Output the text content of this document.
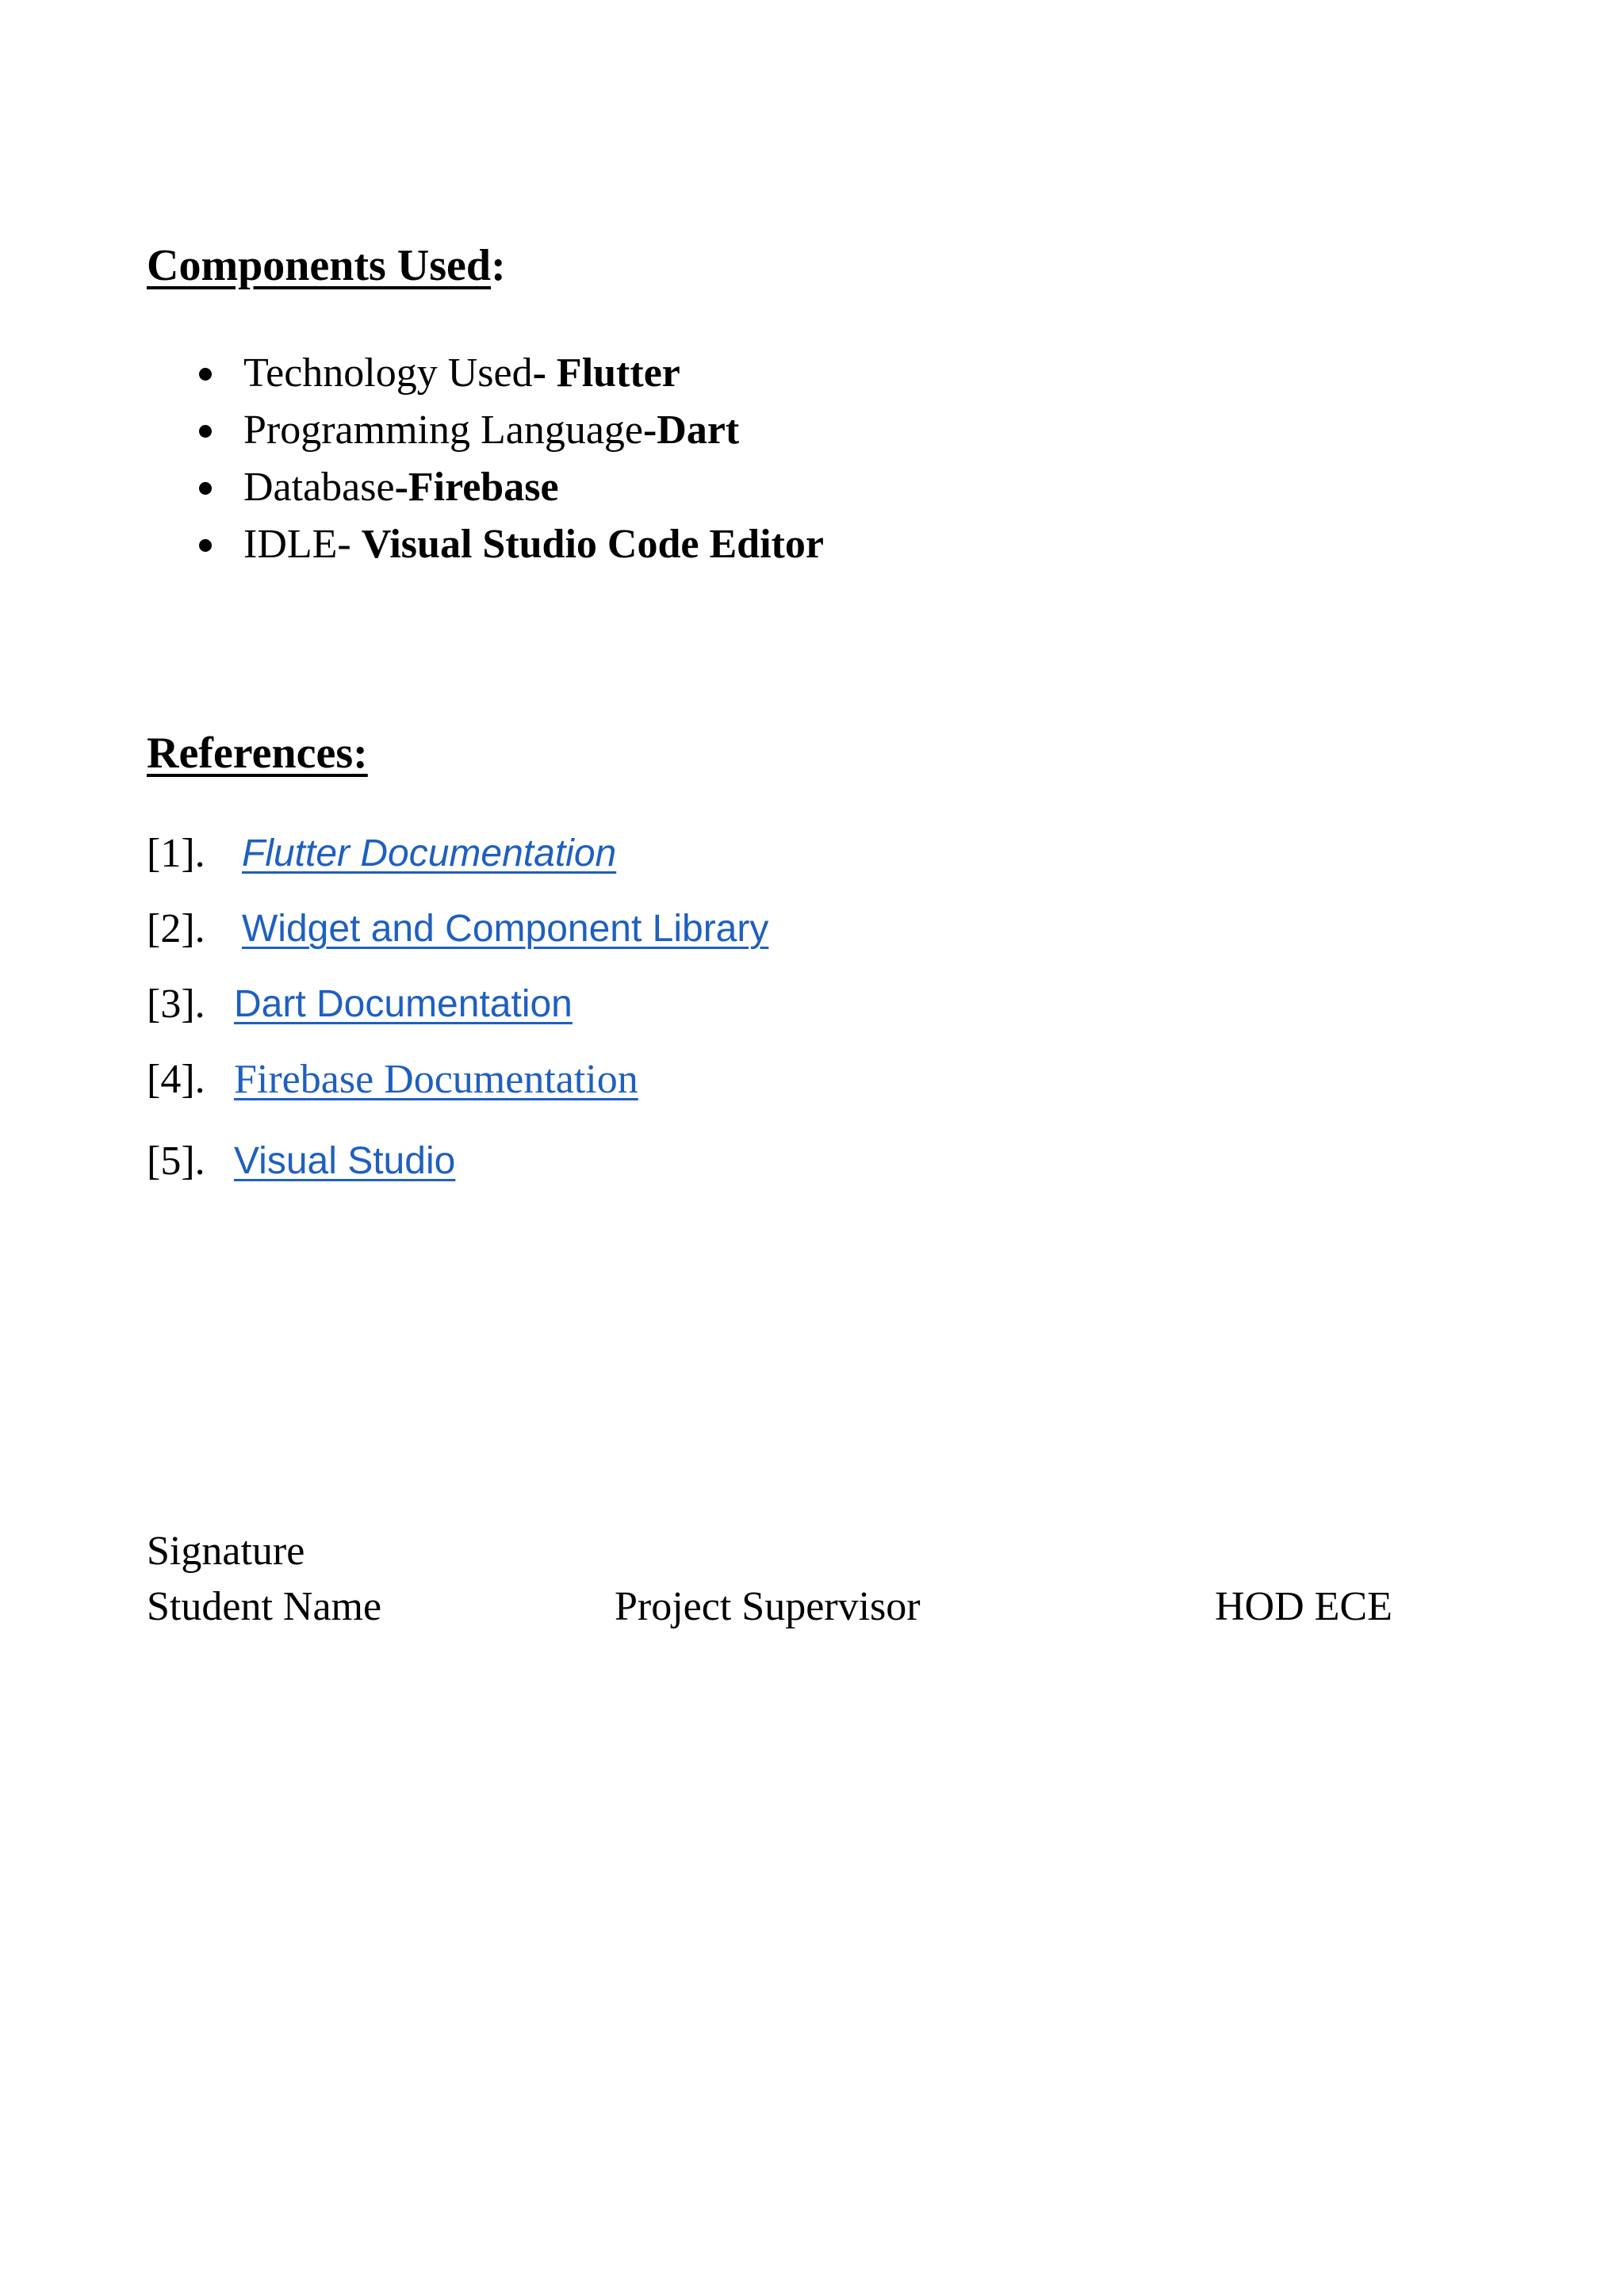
Components Used:
Technology Used- Flutter
Programming Language-Dart
Database-Firebase
IDLE- Visual Studio Code Editor
References:
[1]. Flutter Documentation
[2]. Widget and Component Library
[3]. Dart Documentation
[4]. Firebase Documentation
[5]. Visual Studio
Signature
Student Name	Project Supervisor	HOD ECE
